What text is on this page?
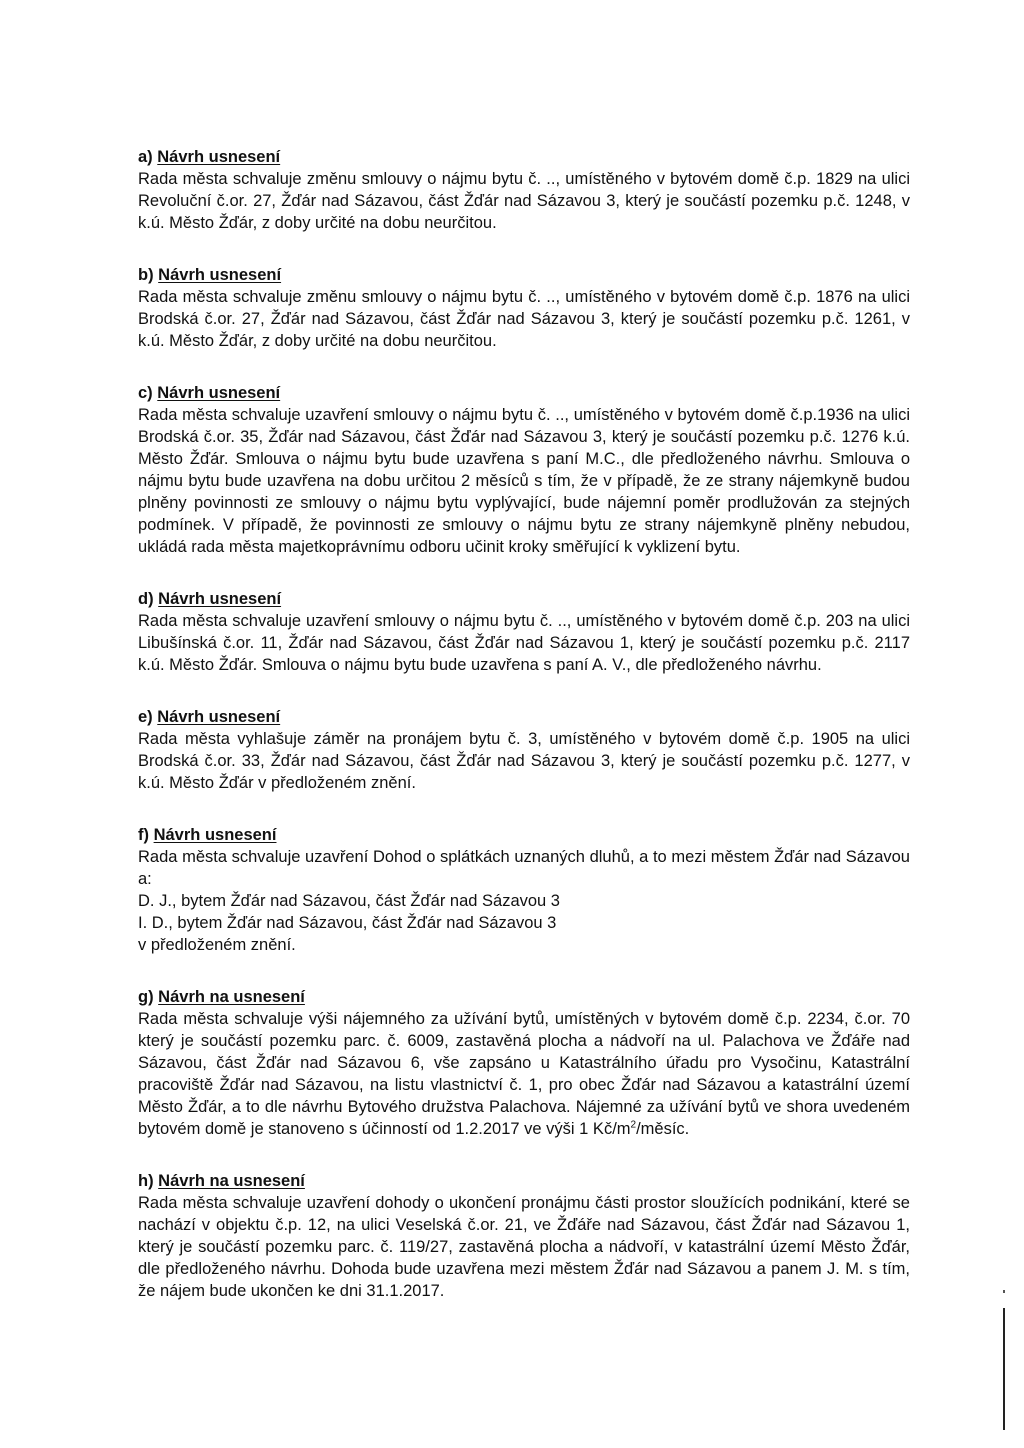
a) Návrh usnesení

Rada města schvaluje změnu smlouvy o nájmu bytu č. .., umístěného v bytovém domě č.p. 1829 na ulici Revoluční č.or. 27, Žďár nad Sázavou, část Žďár nad Sázavou 3, který je součástí pozemku p.č. 1248, v k.ú. Město Žďár, z doby určité na dobu neurčitou.

b) Návrh usnesení

Rada města schvaluje změnu smlouvy o nájmu bytu č. .., umístěného v bytovém domě č.p. 1876 na ulici Brodská č.or. 27, Žďár nad Sázavou, část Žďár nad Sázavou 3, který je součástí pozemku p.č. 1261, v k.ú. Město Žďár, z doby určité na dobu neurčitou.

c) Návrh usnesení

Rada města schvaluje uzavření smlouvy o nájmu bytu č. .., umístěného v bytovém domě č.p.1936 na ulici Brodská č.or. 35, Žďár nad Sázavou, část Žďár nad Sázavou 3, který je součástí pozemku p.č. 1276 k.ú. Město Žďár. Smlouva o nájmu bytu bude uzavřena s paní M.C., dle předloženého návrhu. Smlouva o nájmu bytu bude uzavřena na dobu určitou 2 měsíců s tím, že v případě, že ze strany nájemkyně budou plněny povinnosti ze smlouvy o nájmu bytu vyplývající, bude nájemní poměr prodlužován za stejných podmínek. V případě, že povinnosti ze smlouvy o nájmu bytu ze strany nájemkyně plněny nebudou, ukládá rada města majetkoprávnímu odboru učinit kroky směřující k vyklizení bytu.

d) Návrh usnesení

Rada města schvaluje uzavření smlouvy o nájmu bytu č. .., umístěného v bytovém domě č.p. 203 na ulici Libušínská č.or. 11, Žďár nad Sázavou, část Žďár nad Sázavou 1, který je součástí pozemku p.č. 2117 k.ú. Město Žďár. Smlouva o nájmu bytu bude uzavřena s paní A. V., dle předloženého návrhu.

e) Návrh usnesení

Rada města vyhlašuje záměr na pronájem bytu č. 3, umístěného v bytovém domě č.p. 1905 na ulici Brodská č.or. 33, Žďár nad Sázavou, část Žďár nad Sázavou 3, který je součástí pozemku p.č. 1277, v k.ú. Město Žďár v předloženém znění.

f) Návrh usnesení

Rada města schvaluje uzavření Dohod o splátkách uznaných dluhů, a to mezi městem Žďár nad Sázavou a:

D. J., bytem Žďár nad Sázavou, část Žďár nad Sázavou 3

I. D., bytem Žďár nad Sázavou, část Žďár nad Sázavou 3

v předloženém znění.

g) Návrh na usnesení

Rada města schvaluje výši nájemného za užívání bytů, umístěných v bytovém domě č.p. 2234, č.or. 70 který je součástí pozemku parc. č. 6009, zastavěná plocha a nádvoří na ul. Palachova ve Žďáře nad Sázavou, část Žďár nad Sázavou 6, vše zapsáno u Katastrálního úřadu pro Vysočinu, Katastrální pracoviště Žďár nad Sázavou, na listu vlastnictví č. 1, pro obec Žďár nad Sázavou a katastrální území Město Žďár, a to dle návrhu Bytového družstva Palachova. Nájemné za užívání bytů ve shora uvedeném bytovém domě je stanoveno s účinností od 1.2.2017 ve výši 1 $Kč/m^2$/měsíc.

h) Návrh na usnesení

Rada města schvaluje uzavření dohody o ukončení pronájmu části prostor sloužících podnikání, které se nachází v objektu č.p. 12, na ulici Veselská č.or. 21, ve Žďáře nad Sázavou, část Žďár nad Sázavou 1, který je součástí pozemku parc. č. 119/27, zastavěná plocha a nádvoří, v katastrální území Město Žďár, dle předloženého návrhu. Dohoda bude uzavřena mezi městem Žďár nad Sázavou a panem J. M. s tím, že nájem bude ukončen ke dni 31.1.2017.
